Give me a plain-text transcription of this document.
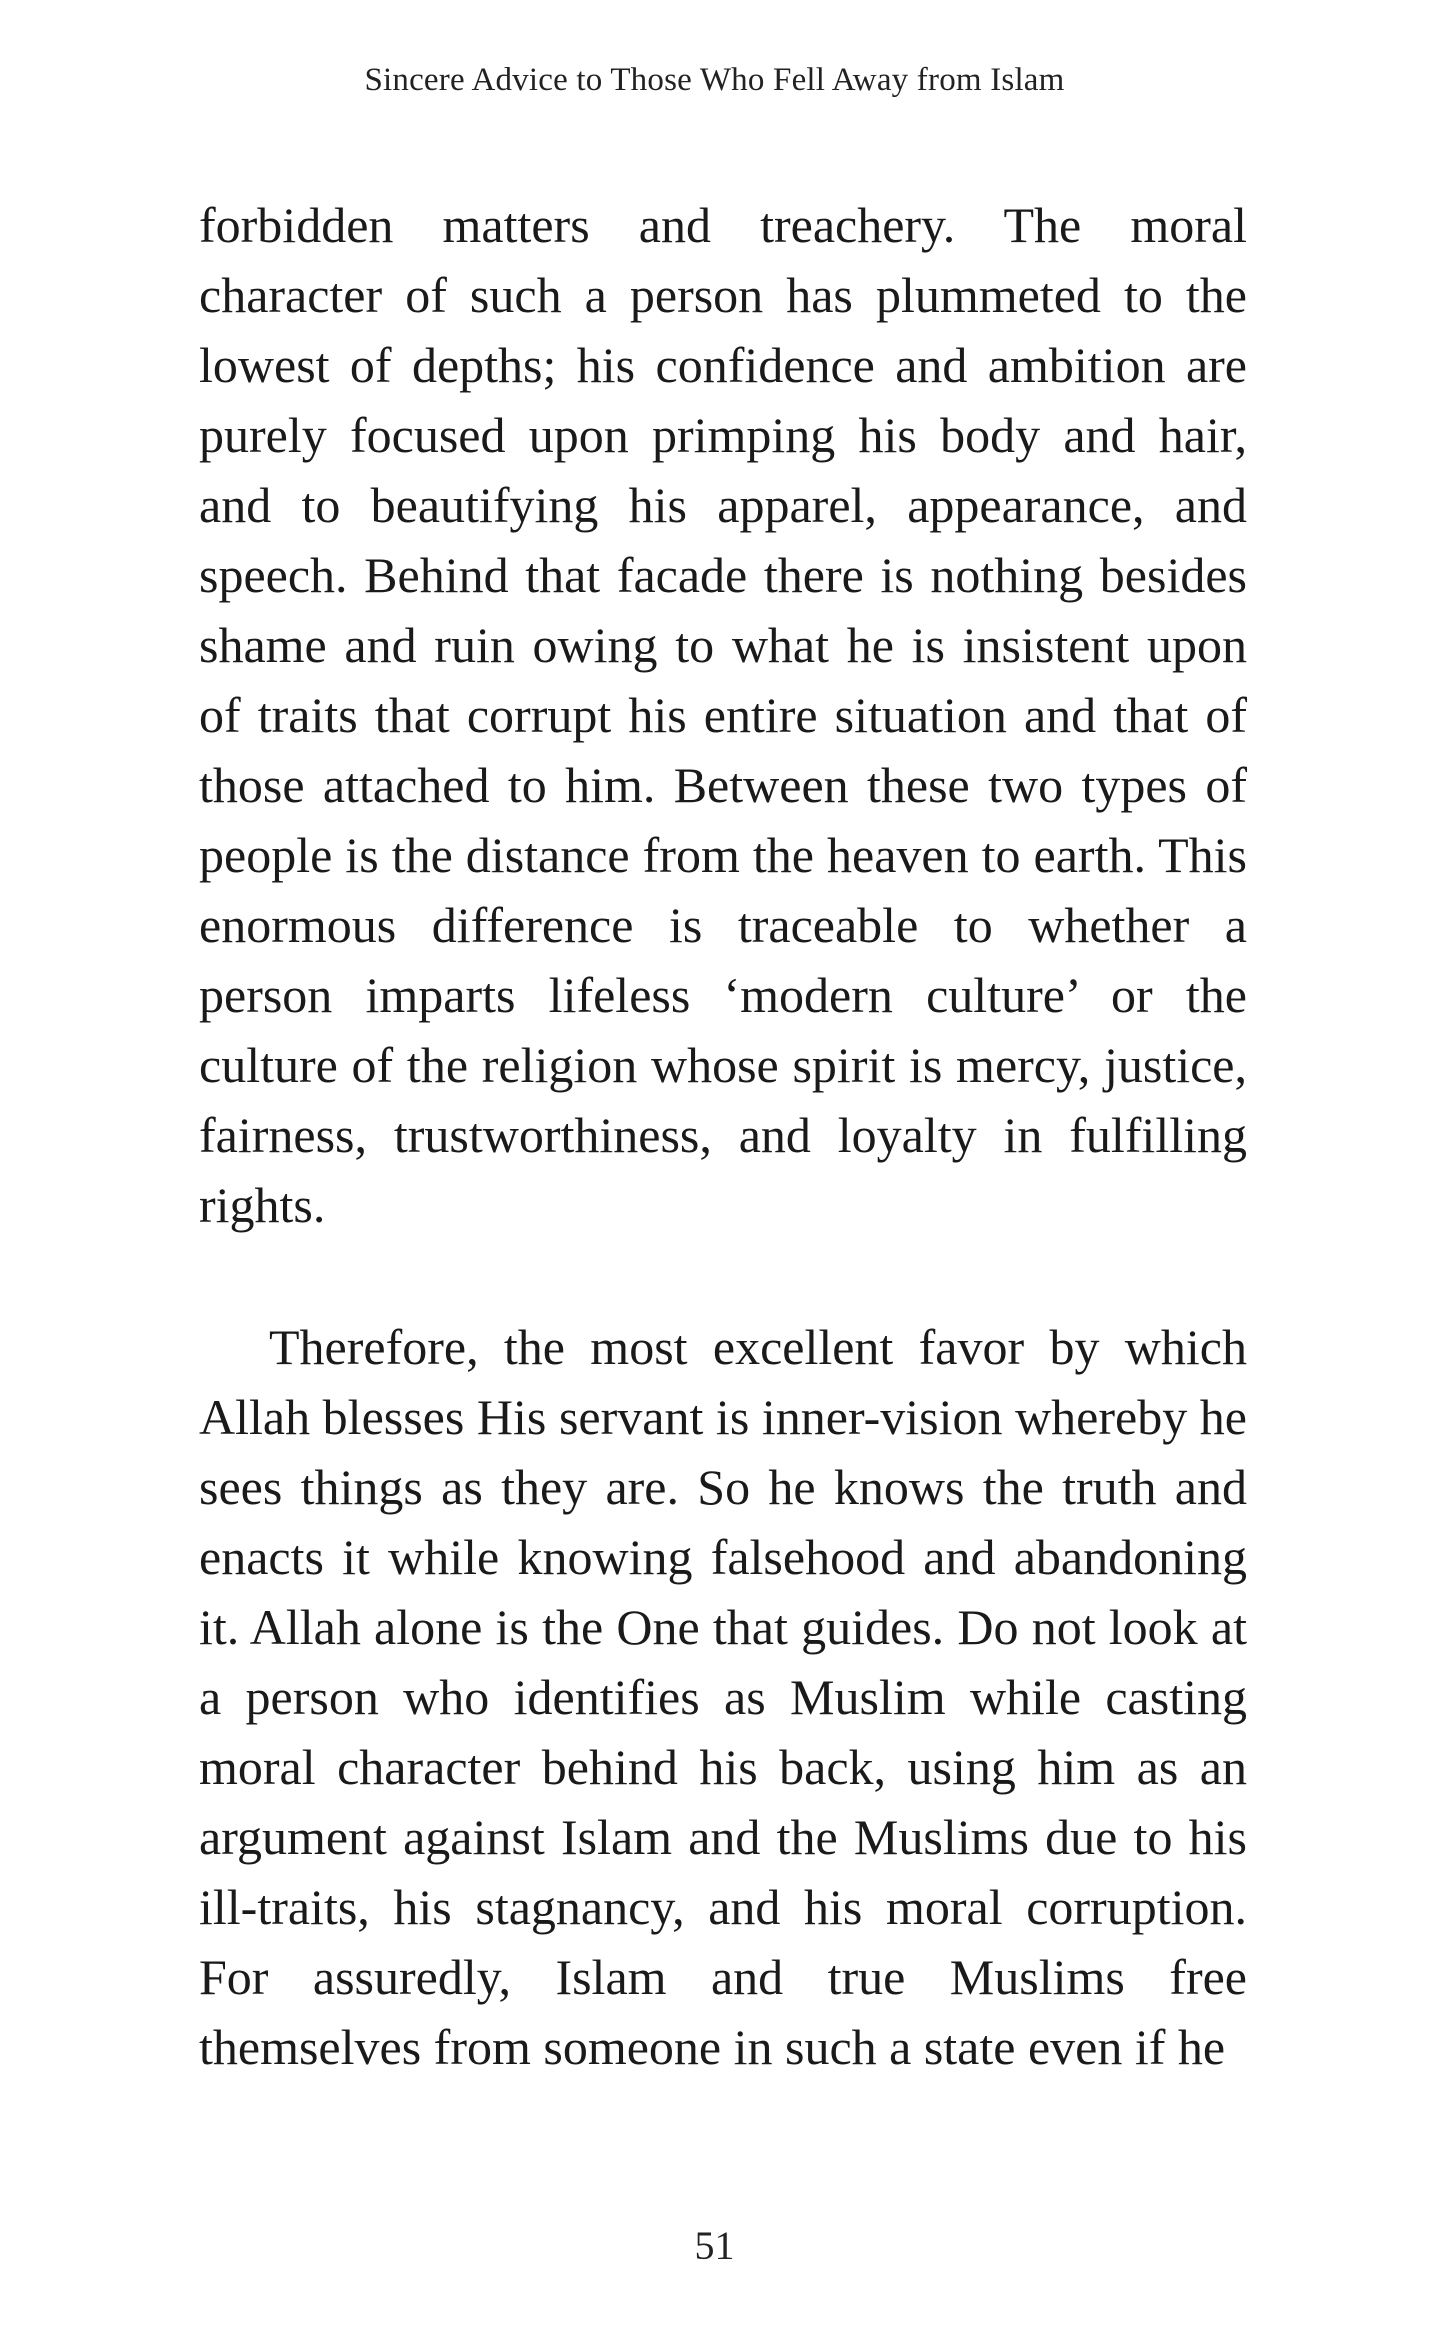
Sincere Advice to Those Who Fell Away from Islam

forbidden matters and treachery. The moral character of such a person has plummeted to the lowest of depths; his confidence and ambition are purely focused upon primping his body and hair, and to beautifying his apparel, appearance, and speech. Behind that facade there is nothing besides shame and ruin owing to what he is insistent upon of traits that corrupt his entire situation and that of those attached to him. Between these two types of people is the distance from the heaven to earth. This enormous difference is traceable to whether a person imparts lifeless ‘modern culture’ or the culture of the religion whose spirit is mercy, justice, fairness, trustworthiness, and loyalty in fulfilling rights.

Therefore, the most excellent favor by which Allah blesses His servant is inner-vision whereby he sees things as they are. So he knows the truth and enacts it while knowing falsehood and abandoning it. Allah alone is the One that guides. Do not look at a person who identifies as Muslim while casting moral character behind his back, using him as an argument against Islam and the Muslims due to his ill-traits, his stagnancy, and his moral corruption. For assuredly, Islam and true Muslims free themselves from someone in such a state even if he

51
